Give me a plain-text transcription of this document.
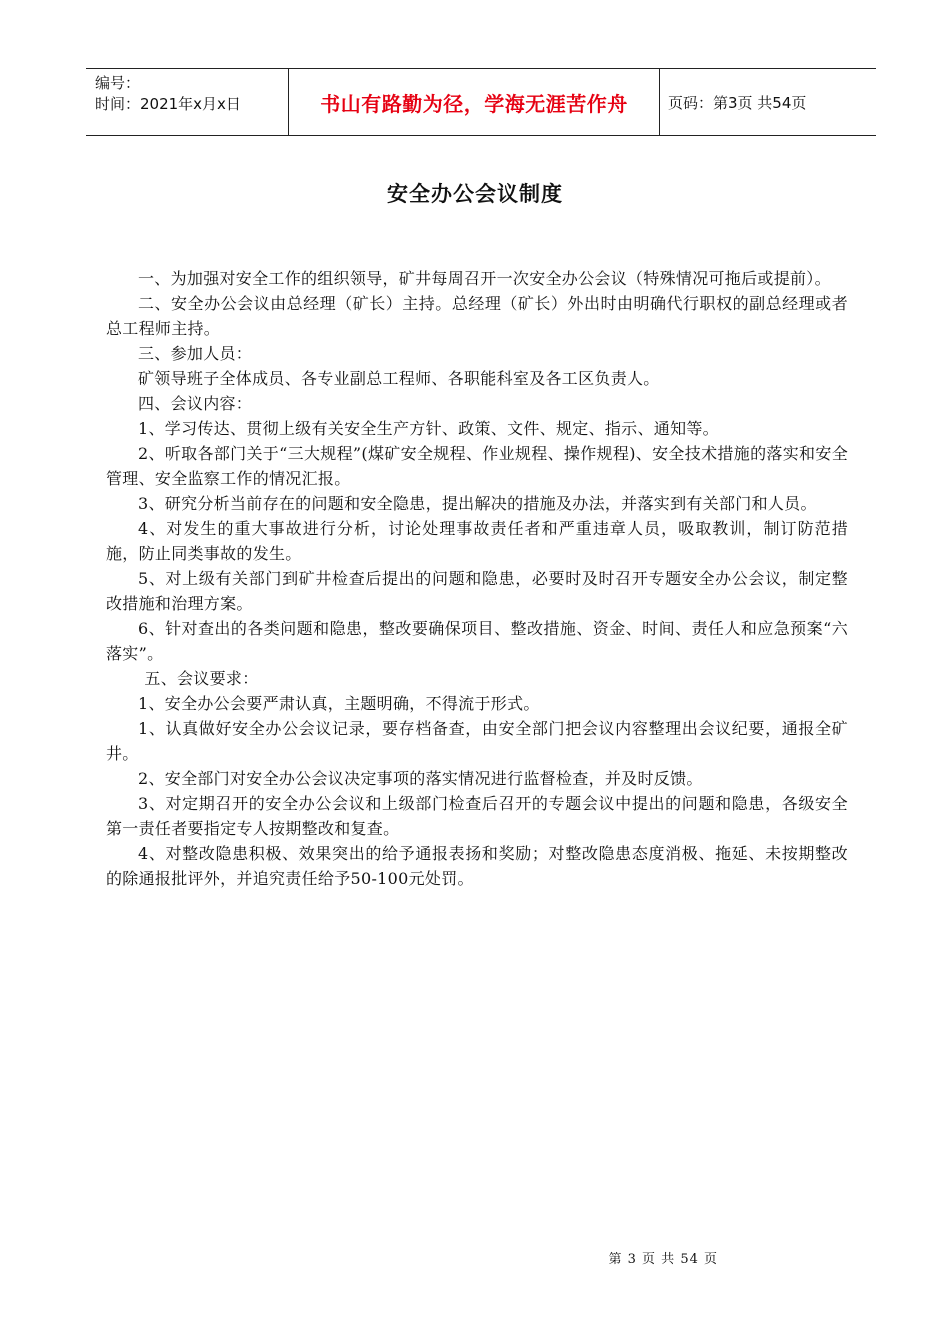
编号：
时间：2021年x月x日	书山有路勤为径，学海无涯苦作舟	页码：第3页 共54页
安全办公会议制度

一、为加强对安全工作的组织领导，矿井每周召开一次安全办公会议（特殊情况可拖后或提前）。

二、安全办公会议由总经理（矿长）主持。总经理（矿长）外出时由明确代行职权的副总经理或者总工程师主持。

三、参加人员：

矿领导班子全体成员、各专业副总工程师、各职能科室及各工区负责人。

四、会议内容：

1、学习传达、贯彻上级有关安全生产方针、政策、文件、规定、指示、通知等。

2、听取各部门关于“三大规程”(煤矿安全规程、作业规程、操作规程)、安全技术措施的落实和安全管理、安全监察工作的情况汇报。

3、研究分析当前存在的问题和安全隐患，提出解决的措施及办法，并落实到有关部门和人员。

4、对发生的重大事故进行分析，讨论处理事故责任者和严重违章人员，吸取教训，制订防范措施，防止同类事故的发生。

5、对上级有关部门到矿井检查后提出的问题和隐患，必要时及时召开专题安全办公会议，制定整改措施和治理方案。

6、针对查出的各类问题和隐患，整改要确保项目、整改措施、资金、时间、责任人和应急预案“六落实”。

五、会议要求：

1、安全办公会要严肃认真，主题明确，不得流于形式。

1、认真做好安全办公会议记录，要存档备查，由安全部门把会议内容整理出会议纪要，通报全矿井。

2、安全部门对安全办公会议决定事项的落实情况进行监督检查，并及时反馈。

3、对定期召开的安全办公会议和上级部门检查后召开的专题会议中提出的问题和隐患，各级安全第一责任者要指定专人按期整改和复查。

4、对整改隐患积极、效果突出的给予通报表扬和奖励；对整改隐患态度消极、拖延、未按期整改的除通报批评外，并追究责任给予50-100元处罚。

第 3 页 共 54 页
